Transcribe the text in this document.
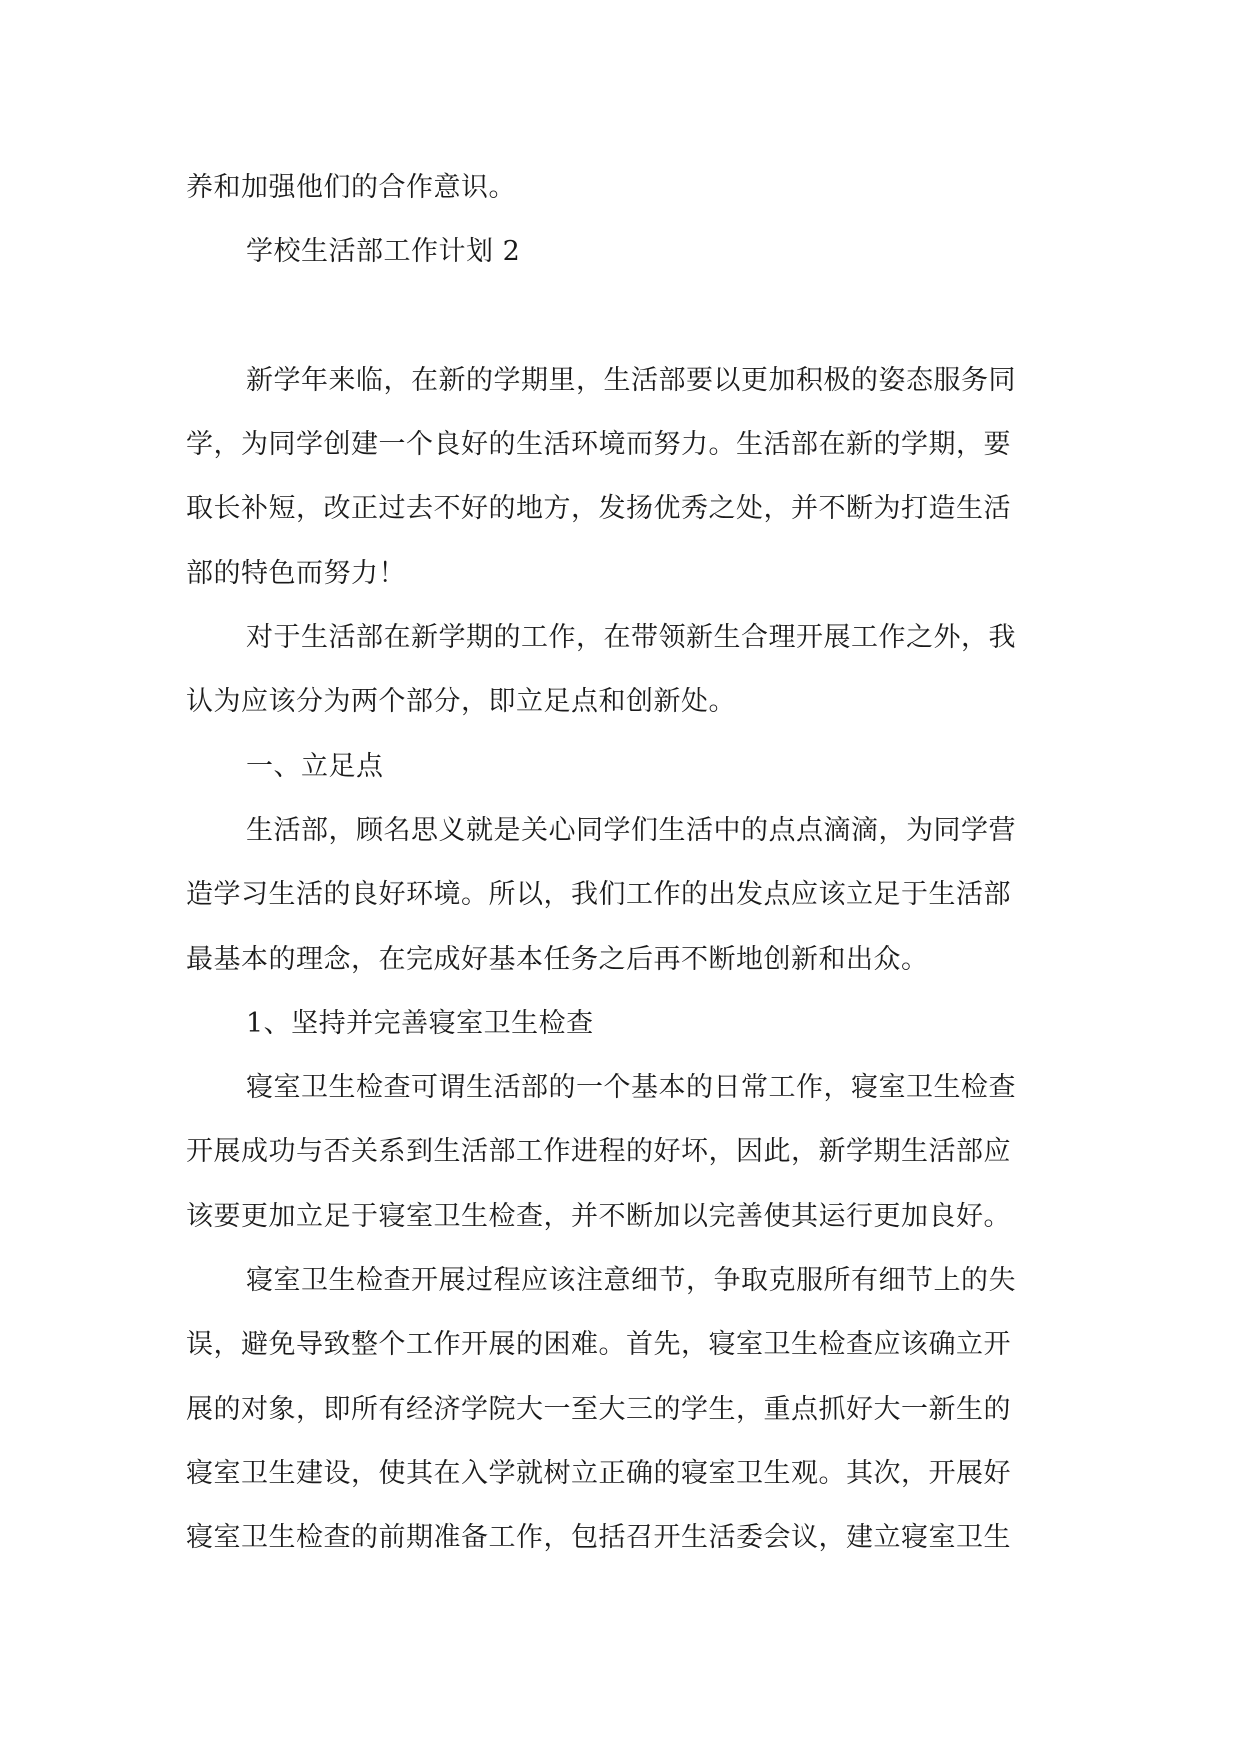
养和加强他们的合作意识。
学校生活部工作计划 2
新学年来临，在新的学期里，生活部要以更加积极的姿态服务同
学，为同学创建一个良好的生活环境而努力。生活部在新的学期，要
取长补短，改正过去不好的地方，发扬优秀之处，并不断为打造生活
部的特色而努力！
对于生活部在新学期的工作，在带领新生合理开展工作之外，我
认为应该分为两个部分，即立足点和创新处。
一、立足点
生活部，顾名思义就是关心同学们生活中的点点滴滴，为同学营
造学习生活的良好环境。所以，我们工作的出发点应该立足于生活部
最基本的理念，在完成好基本任务之后再不断地创新和出众。
1、坚持并完善寝室卫生检查
寝室卫生检查可谓生活部的一个基本的日常工作，寝室卫生检查
开展成功与否关系到生活部工作进程的好坏，因此，新学期生活部应
该要更加立足于寝室卫生检查，并不断加以完善使其运行更加良好。
寝室卫生检查开展过程应该注意细节，争取克服所有细节上的失
误，避免导致整个工作开展的困难。首先，寝室卫生检查应该确立开
展的对象，即所有经济学院大一至大三的学生，重点抓好大一新生的
寝室卫生建设，使其在入学就树立正确的寝室卫生观。其次，开展好
寝室卫生检查的前期准备工作，包括召开生活委会议，建立寝室卫生
